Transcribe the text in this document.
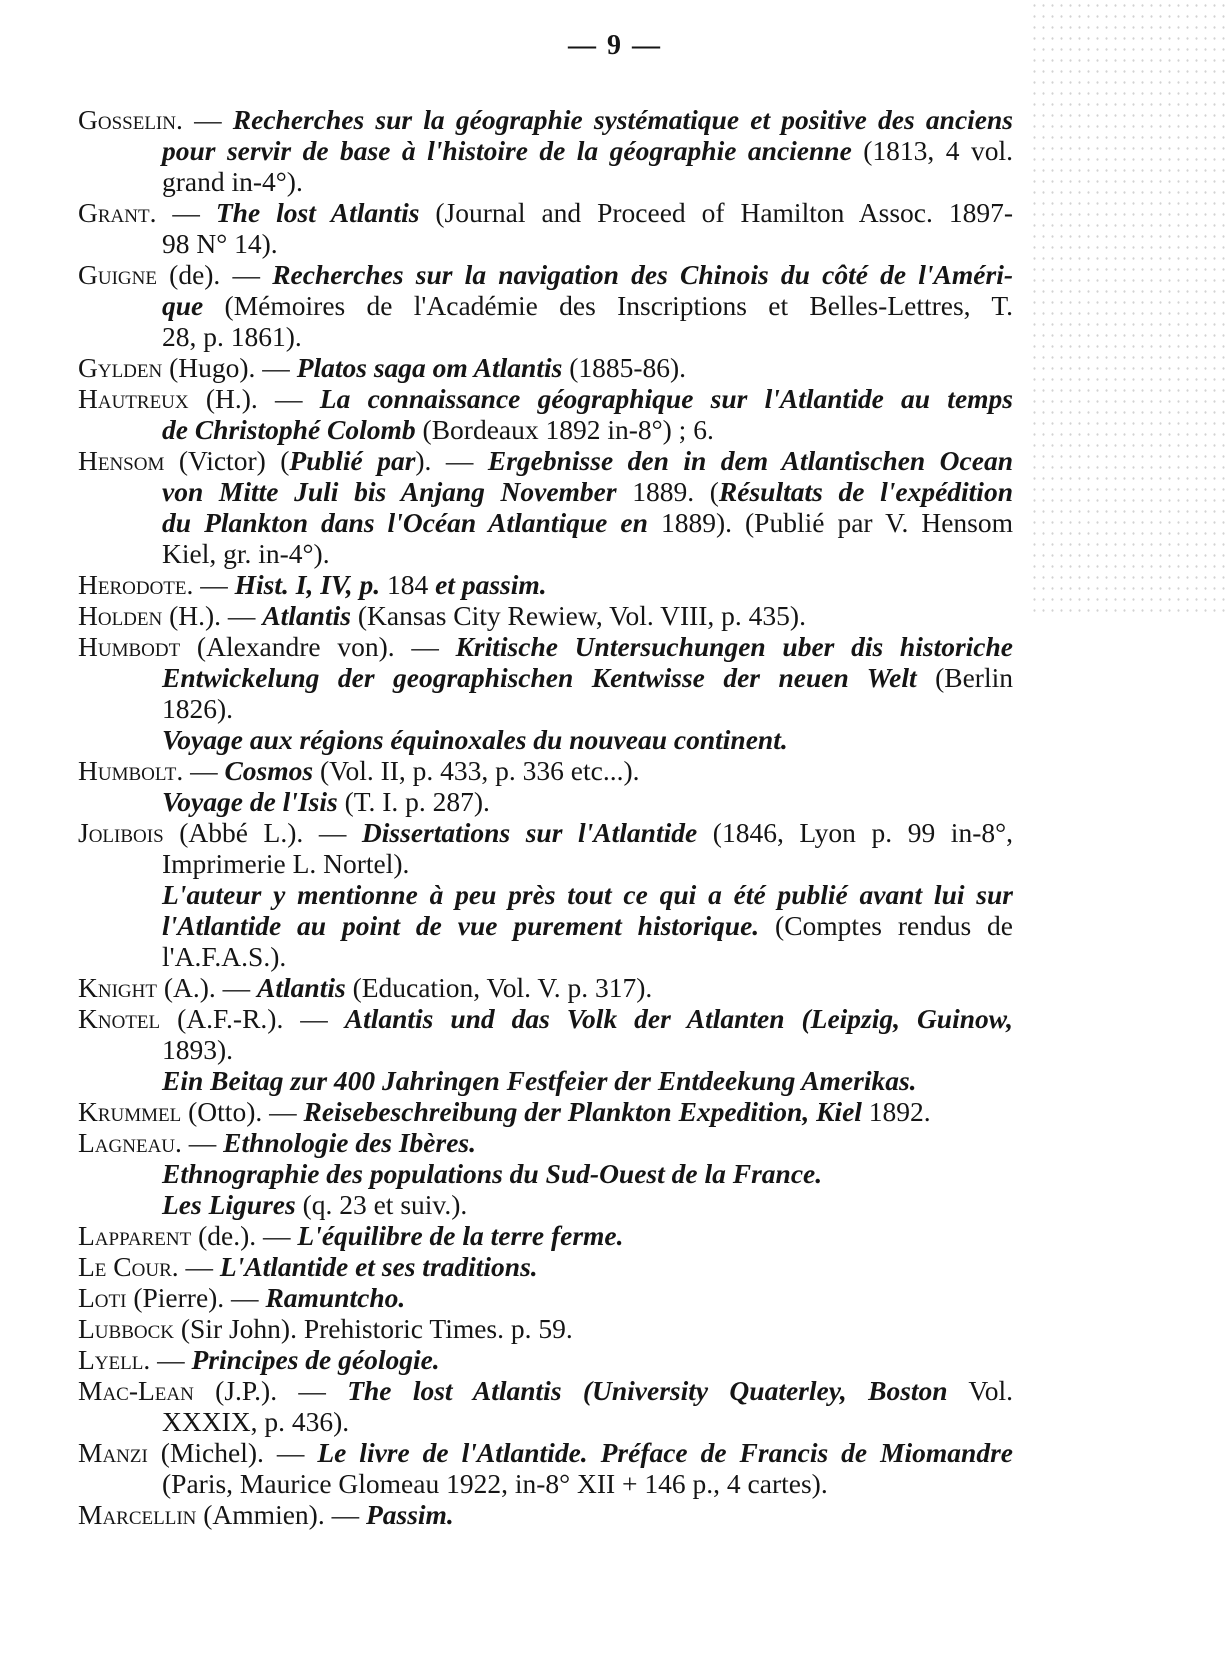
— 9 —
Gosselin. — Recherches sur la géographie systématique et positive des anciens
pour servir de base à l'histoire de la géographie ancienne (1813, 4 vol.
grand in-4°).
Grant. — The lost Atlantis (Journal and Proceed of Hamilton Assoc. 1897-
98 N° 14).
Guigne (de). — Recherches sur la navigation des Chinois du côté de l'Améri-
que (Mémoires de l'Académie des Inscriptions et Belles-Lettres, T.
28, p. 1861).
Gylden (Hugo). — Platos saga om Atlantis (1885-86).
Hautreux (H.). — La connaissance géographique sur l'Atlantide au temps
de Christophé Colomb (Bordeaux 1892 in-8°) ; 6.
Hensom (Victor) (Publié par). — Ergebnisse den in dem Atlantischen Ocean
von Mitte Juli bis Anjang November 1889. (Résultats de l'expédition
du Plankton dans l'Océan Atlantique en 1889). (Publié par V. Hensom
Kiel, gr. in-4°).
Herodote. — Hist. I, IV, p. 184 et passim.
Holden (H.). — Atlantis (Kansas City Rewiew, Vol. VIII, p. 435).
Humbodt (Alexandre von). — Kritische Untersuchungen uber dis historiche
Entwickelung der geographischen Kentwisse der neuen Welt (Berlin
1826).
Voyage aux régions équinoxales du nouveau continent.
Humbolt. — Cosmos (Vol. II, p. 433, p. 336 etc...).
Voyage de l'Isis (T. I. p. 287).
Jolibois (Abbé L.). — Dissertations sur l'Atlantide (1846, Lyon p. 99 in-8°,
Imprimerie L. Nortel).
L'auteur y mentionne à peu près tout ce qui a été publié avant lui sur
l'Atlantide au point de vue purement historique. (Comptes rendus de
l'A.F.A.S.).
Knight (A.). — Atlantis (Education, Vol. V. p. 317).
Knotel (A.F.-R.). — Atlantis und das Volk der Atlanten (Leipzig, Guinow,
1893).
Ein Beitag zur 400 Jahringen Festfeier der Entdeekung Amerikas.
Krummel (Otto). — Reisebeschreibung der Plankton Expedition, Kiel 1892.
Lagneau. — Ethnologie des Ibères.
Ethnographie des populations du Sud-Ouest de la France.
Les Ligures (q. 23 et suiv.).
Lapparent (de.). — L'équilibre de la terre ferme.
Le Cour. — L'Atlantide et ses traditions.
Loti (Pierre). — Ramuntcho.
Lubbock (Sir John). Prehistoric Times. p. 59.
Lyell. — Principes de géologie.
Mac-Lean (J.P.). — The lost Atlantis (University Quaterley, Boston Vol.
XXXIX, p. 436).
Manzi (Michel). — Le livre de l'Atlantide. Préface de Francis de Miomandre
(Paris, Maurice Glomeau 1922, in-8° XII + 146 p., 4 cartes).
Marcellin (Ammien). — Passim.
